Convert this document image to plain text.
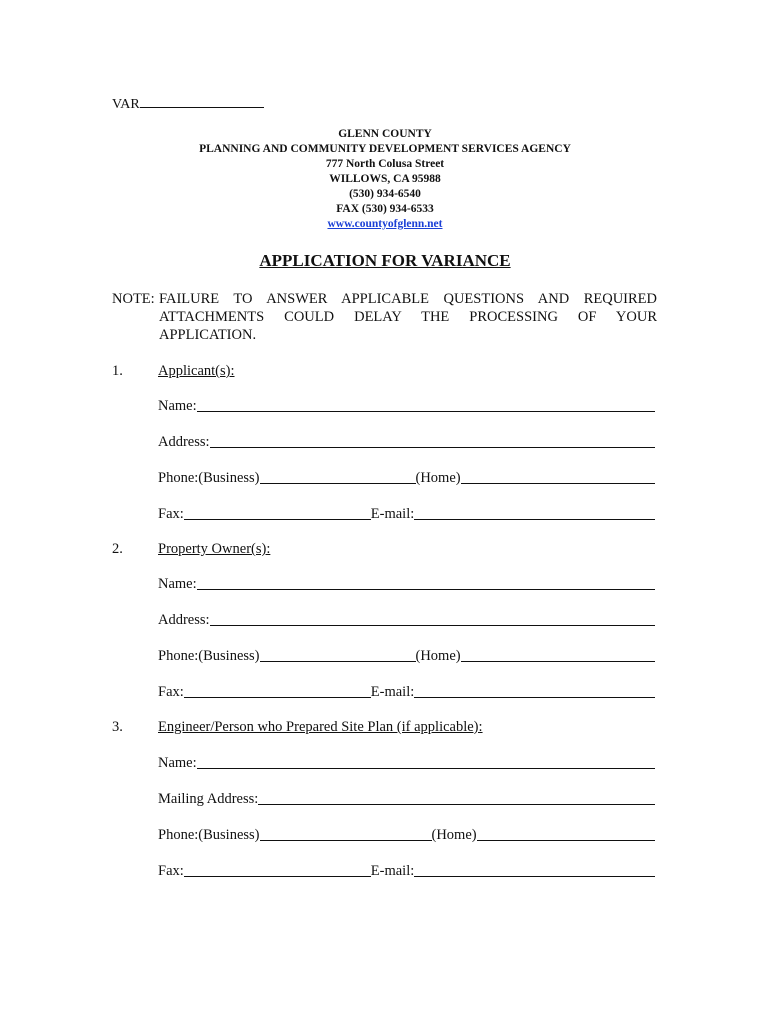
VAR
GLENN COUNTY
PLANNING AND COMMUNITY DEVELOPMENT SERVICES AGENCY
777 North Colusa Street
WILLOWS, CA 95988
(530) 934-6540
FAX (530) 934-6533
www.countyofglenn.net
APPLICATION FOR VARIANCE
NOTE: FAILURE TO ANSWER APPLICABLE QUESTIONS AND REQUIRED ATTACHMENTS COULD DELAY THE PROCESSING OF YOUR APPLICATION.
1. Applicant(s):
Name:
Address:
Phone:(Business)	(Home)
Fax:	E-mail:
2. Property Owner(s):
Name:
Address:
Phone:(Business)	(Home)
Fax:	E-mail:
3. Engineer/Person who Prepared Site Plan (if applicable):
Name:
Mailing Address:
Phone:(Business)	(Home)
Fax:	E-mail:
